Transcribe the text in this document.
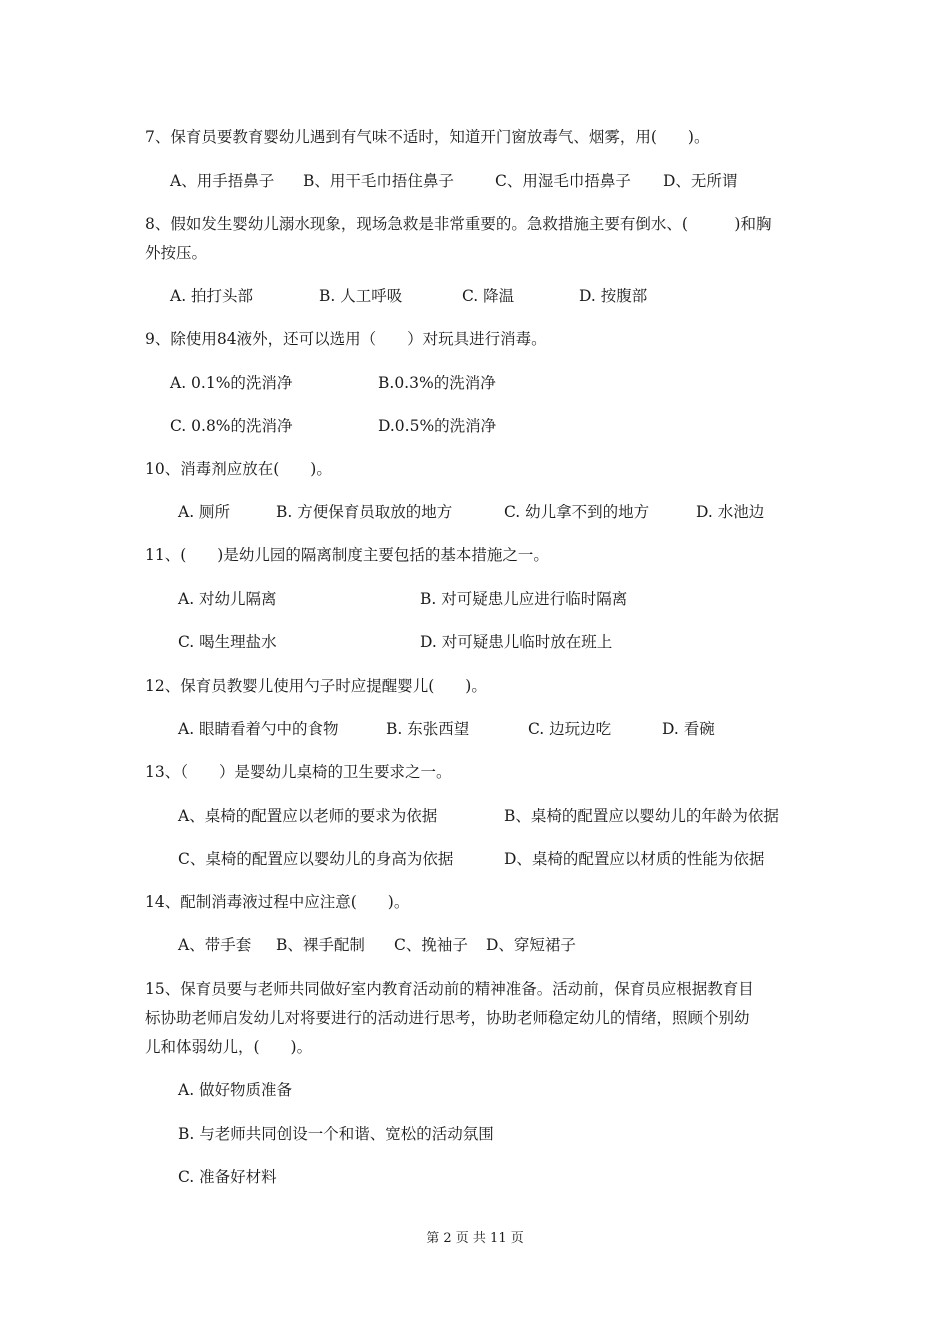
7、保育员要教育婴幼儿遇到有气味不适时，知道开门窗放毒气、烟雾，用(　　)。
A、用手捂鼻子 B、用干毛巾捂住鼻子	C、用湿毛巾捂鼻子 D、无所谓
8、假如发生婴幼儿溺水现象，现场急救是非常重要的。急救措施主要有倒水、(　　　)和胸
外按压。
A. 拍打头部	B. 人工呼吸	C. 降温	D. 按腹部
9、除使用84液外，还可以选用（　　）对玩具进行消毒。
A. 0.1%的洗消净	B.0.3%的洗消净
C. 0.8%的洗消净	D.0.5%的洗消净
10、消毒剂应放在(　　)。
A. 厕所	B. 方便保育员取放的地方	C. 幼儿拿不到的地方	D. 水池边
11、(　　)是幼儿园的隔离制度主要包括的基本措施之一。
A. 对幼儿隔离	B. 对可疑患儿应进行临时隔离
C. 喝生理盐水	D. 对可疑患儿临时放在班上
12、保育员教婴儿使用勺子时应提醒婴儿(　　)。
A. 眼睛看着勺中的食物	B. 东张西望	C. 边玩边吃	D. 看碗
13、（　　）是婴幼儿桌椅的卫生要求之一。
A、桌椅的配置应以老师的要求为依据	B、桌椅的配置应以婴幼儿的年龄为依据
C、桌椅的配置应以婴幼儿的身高为依据	D、桌椅的配置应以材质的性能为依据
14、配制消毒液过程中应注意(　　)。
A、带手套 B、裸手配制 C、挽袖子 D、穿短裙子
15、保育员要与老师共同做好室内教育活动前的精神准备。活动前，保育员应根据教育目
标协助老师启发幼儿对将要进行的活动进行思考，协助老师稳定幼儿的情绪，照顾个别幼
儿和体弱幼儿，(　　)。
A. 做好物质准备
B. 与老师共同创设一个和谐、宽松的活动氛围
C. 准备好材料
第 2 页 共 11 页
